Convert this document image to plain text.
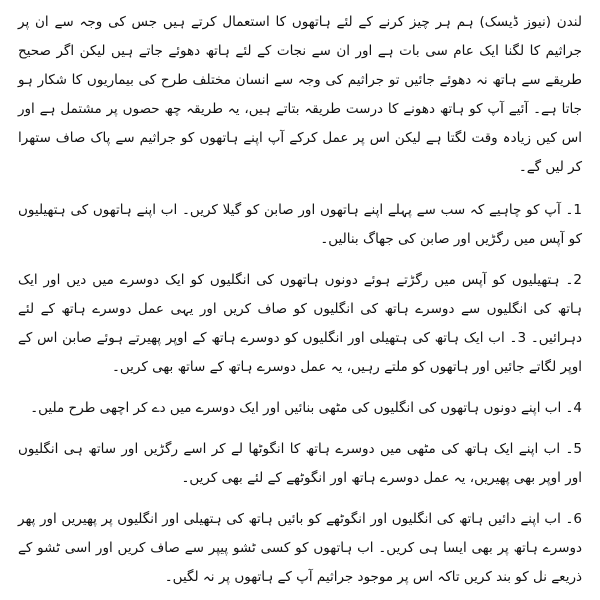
لندن (نیوز ڈیسک) ہم ہر چیز کرنے کے لئے ہاتھوں کا استعمال کرتے ہیں جس کی وجہ سے ان پر جراثیم کا لگنا ایک عام سی بات ہے اور ان سے نجات کے لئے ہاتھ دھوئے جاتے ہیں لیکن اگر صحیح طریقے سے ہاتھ نہ دھوئے جائیں تو جراثیم کی وجہ سے انسان مختلف طرح کی بیماریوں کا شکار ہو جاتا ہے۔ آئیے آپ کو ہاتھ دھونے کا درست طریقہ بتاتے ہیں، یہ طریقہ چھ حصوں پر مشتمل ہے اور اس کیں زیادہ وقت لگتا ہے لیکن اس پر عمل کرکے آپ اپنے ہاتھوں کو جراثیم سے پاک صاف ستھرا کر لیں گے۔

1۔ آپ کو چاہیے کہ سب سے پہلے اپنے ہاتھوں اور صابن کو گیلا کریں۔ اب اپنے ہاتھوں کی ہتھیلیوں کو آپس میں رگڑیں اور صابن کی جھاگ بنالیں۔

2۔ ہتھیلیوں کو آپس میں رگڑتے ہوئے دونوں ہاتھوں کی انگلیوں کو ایک دوسرے میں دیں اور ایک ہاتھ کی انگلیوں سے دوسرے ہاتھ کی انگلیوں کو صاف کریں اور یہی عمل دوسرے ہاتھ کے لئے دہرائیں۔ 3۔ اب ایک ہاتھ کی ہتھیلی اور انگلیوں کو دوسرے ہاتھ کے اوپر پھیرتے ہوئے صابن اس کے اوپر لگاتے جائیں اور ہاتھوں کو ملتے رہیں، یہ عمل دوسرے ہاتھ کے ساتھ بھی کریں۔

4۔ اب اپنے دونوں ہاتھوں کی انگلیوں کی مٹھی بنائیں اور ایک دوسرے میں دے کر اچھی طرح ملیں۔

5۔ اب اپنے ایک ہاتھ کی مٹھی میں دوسرے ہاتھ کا انگوٹھا لے کر اسے رگڑیں اور ساتھ ہی انگلیوں اور اوپر بھی پھیریں، یہ عمل دوسرے ہاتھ اور انگوٹھے کے لئے بھی کریں۔

6۔ اب اپنے دائیں ہاتھ کی انگلیوں اور انگوٹھے کو بائیں ہاتھ کی ہتھیلی اور انگلیوں پر پھیریں اور پھر دوسرے ہاتھ پر بھی ایسا ہی کریں۔ اب ہاتھوں کو کسی ٹشو پیپر سے صاف کریں اور اسی ٹشو کے ذریعے نل کو بند کریں تاکہ اس پر موجود جراثیم آپ کے ہاتھوں پر نہ لگیں۔
